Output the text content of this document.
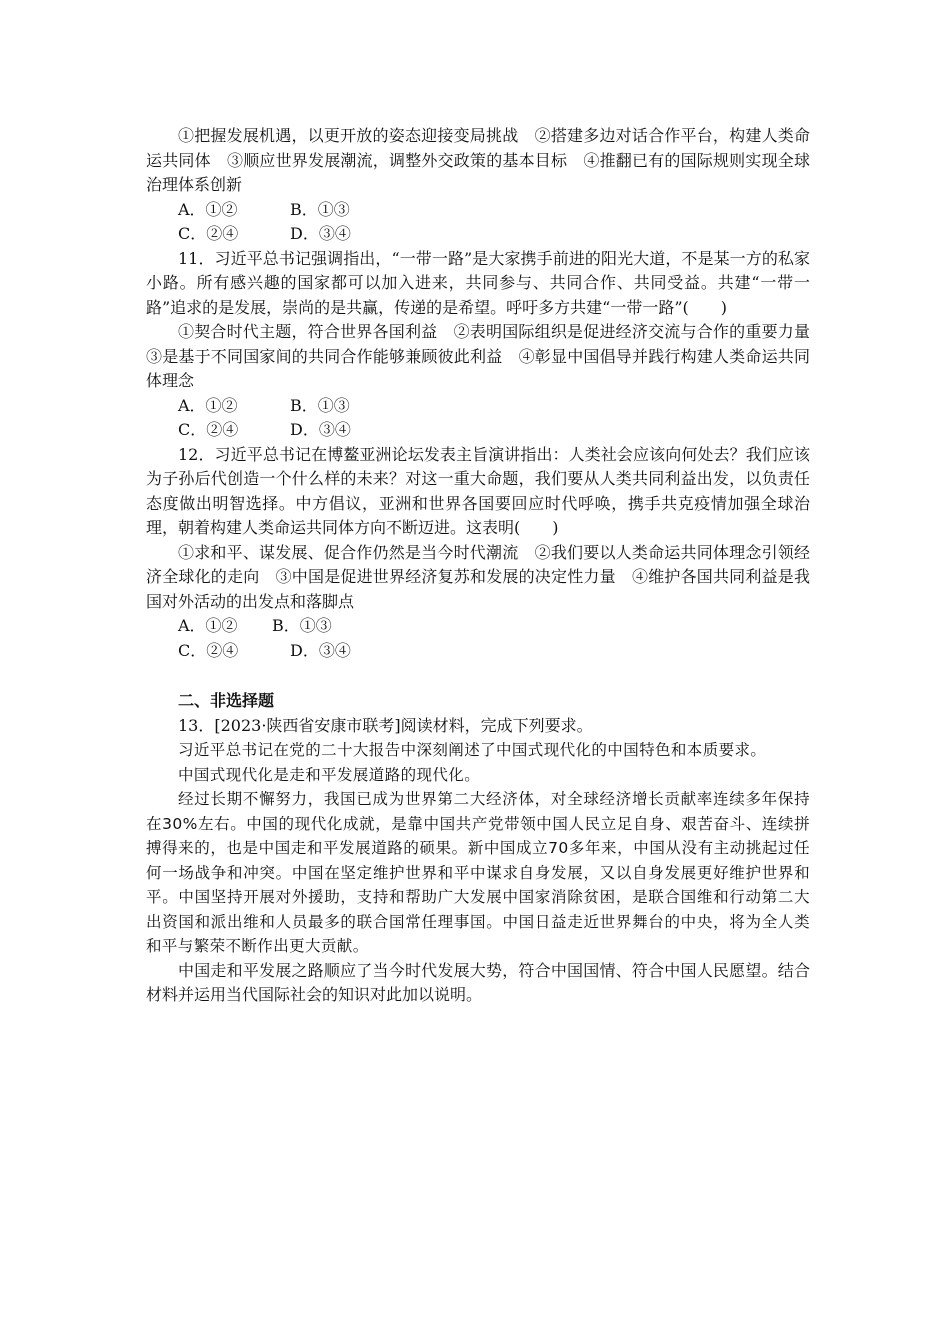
①把握发展机遇，以更开放的姿态迎接变局挑战　②搭建多边对话合作平台，构建人类命运共同体　③顺应世界发展潮流，调整外交政策的基本目标　④推翻已有的国际规则实现全球治理体系创新

A．①②	B．①③
C．②④	D．③④

11．习近平总书记强调指出，“一带一路”是大家携手前进的阳光大道，不是某一方的私家小路。所有感兴趣的国家都可以加入进来，共同参与、共同合作、共同受益。共建“一带一路”追求的是发展，崇尚的是共赢，传递的是希望。呼吁多方共建“一带一路”(　　)

①契合时代主题，符合世界各国利益　②表明国际组织是促进经济交流与合作的重要力量　③是基于不同国家间的共同合作能够兼顾彼此利益　④彰显中国倡导并践行构建人类命运共同体理念

A．①②	B．①③
C．②④	D．③④

12．习近平总书记在博鳌亚洲论坛发表主旨演讲指出：人类社会应该向何处去？我们应该为子孙后代创造一个什么样的未来？对这一重大命题，我们要从人类共同利益出发，以负责任态度做出明智选择。中方倡议，亚洲和世界各国要回应时代呼唤，携手共克疫情加强全球治理，朝着构建人类命运共同体方向不断迈进。这表明(　　)

①求和平、谋发展、促合作仍然是当今时代潮流　②我们要以人类命运共同体理念引领经济全球化的走向　③中国是促进世界经济复苏和发展的决定性力量　④维护各国共同利益是我国对外活动的出发点和落脚点

A．①② B．①③
C．②④	D．③④

二、非选择题

13．[2023·陕西省安康市联考]阅读材料，完成下列要求。

习近平总书记在党的二十大报告中深刻阐述了中国式现代化的中国特色和本质要求。

中国式现代化是走和平发展道路的现代化。

经过长期不懈努力，我国已成为世界第二大经济体，对全球经济增长贡献率连续多年保持在30%左右。中国的现代化成就，是靠中国共产党带领中国人民立足自身、艰苦奋斗、连续拼搏得来的，也是中国走和平发展道路的硕果。新中国成立70多年来，中国从没有主动挑起过任何一场战争和冲突。中国在坚定维护世界和平中谋求自身发展，又以自身发展更好维护世界和平。中国坚持开展对外援助，支持和帮助广大发展中国家消除贫困，是联合国维和行动第二大出资国和派出维和人员最多的联合国常任理事国。中国日益走近世界舞台的中央，将为全人类和平与繁荣不断作出更大贡献。

中国走和平发展之路顺应了当今时代发展大势，符合中国国情、符合中国人民愿望。结合材料并运用当代国际社会的知识对此加以说明。
